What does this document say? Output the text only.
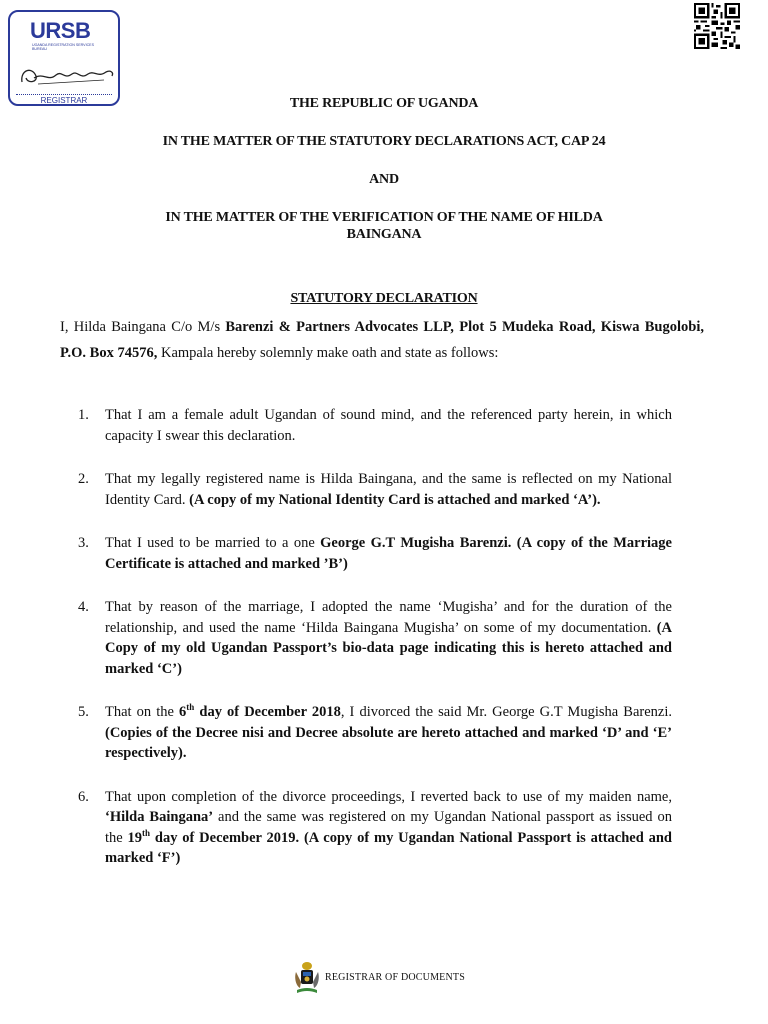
URSB
UGANDA REGISTRATION SERVICES BUREAU
REGISTRAR	THE REPUBLIC OF UGANDA
IN THE MATTER OF THE STATUTORY DECLARATIONS ACT, CAP 24
AND
IN THE MATTER OF THE VERIFICATION OF THE NAME OF HILDA
BAINGANA
STATUTORY DECLARATION
I, Hilda Baingana C/o M/s Barenzi & Partners Advocates LLP, Plot 5 Mudeka Road, Kiswa Bugolobi, P.O. Box 74576, Kampala hereby solemnly make oath and state as follows:
1. That I am a female adult Ugandan of sound mind, and the referenced party herein, in which capacity I swear this declaration.
2. That my legally registered name is Hilda Baingana, and the same is reflected on my National Identity Card. (A copy of my National Identity Card is attached and marked ‘A’).
3. That I used to be married to a one George G.T Mugisha Barenzi. (A copy of the Marriage Certificate is attached and marked ’B’)
4. That by reason of the marriage, I adopted the name ‘Mugisha’ and for the duration of the relationship, and used the name ‘Hilda Baingana Mugisha’ on some of my documentation. (A Copy of my old Ugandan Passport’s bio-data page indicating this is hereto attached and marked ‘C’)
5. That on the 6th day of December 2018, I divorced the said Mr. George G.T Mugisha Barenzi. (Copies of the Decree nisi and Decree absolute are hereto attached and marked ‘D’ and ‘E’ respectively).
6. That upon completion of the divorce proceedings, I reverted back to use of my maiden name, ‘Hilda Baingana’ and the same was registered on my Ugandan National passport as issued on the 19th day of December 2019. (A copy of my Ugandan National Passport is attached and marked ‘F’)
REGISTRAR OF DOCUMENTS
